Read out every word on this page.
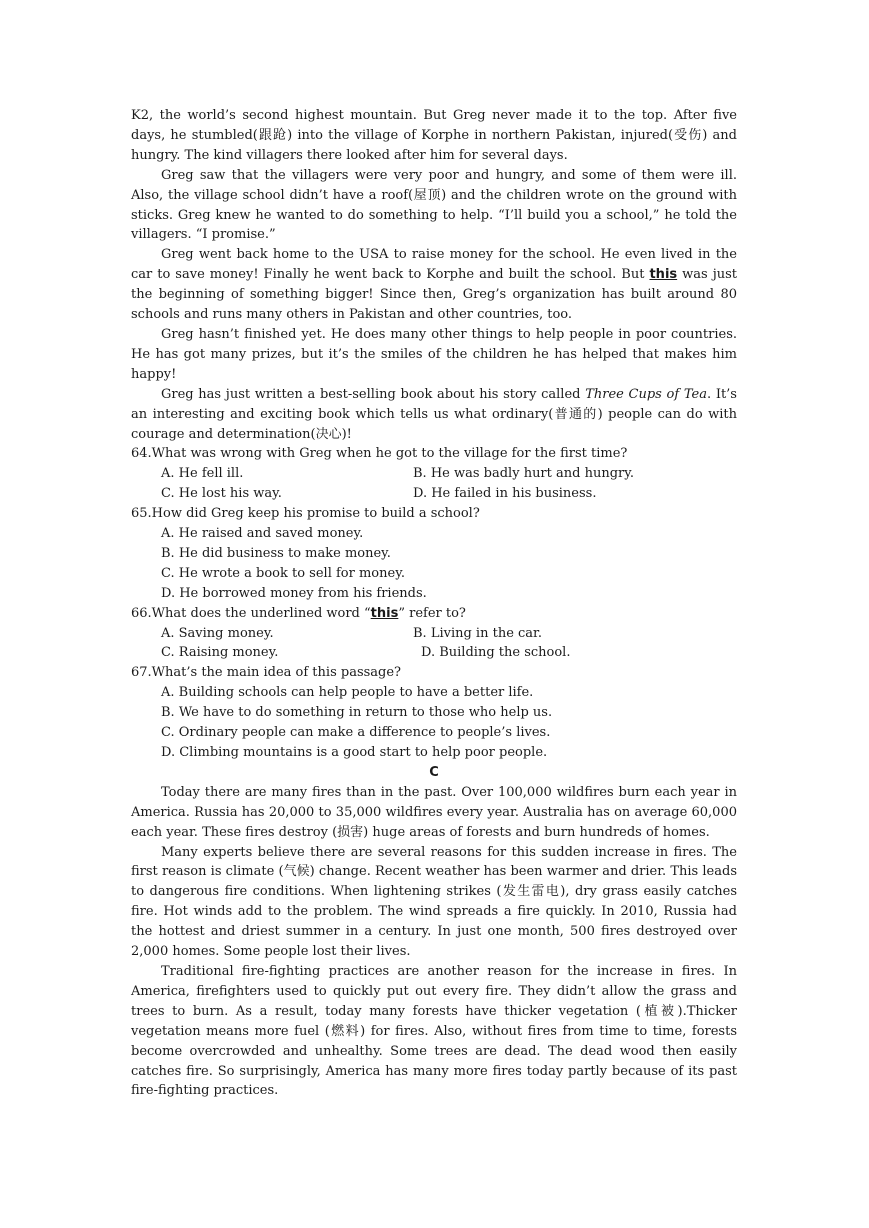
K2, the world’s second highest mountain. But Greg never made it to the top. After five days, he stumbled(跟跄) into the village of Korphe in northern Pakistan, injured(受伤) and hungry. The kind villagers there looked after him for several days.

Greg saw that the villagers were very poor and hungry, and some of them were ill. Also, the village school didn’t have a roof(屋顶) and the children wrote on the ground with sticks. Greg knew he wanted to do something to help. “I’ll build you a school,” he told the villagers. “I promise.”

Greg went back home to the USA to raise money for the school. He even lived in the car to save money! Finally he went back to Korphe and built the school. But this was just the beginning of something bigger! Since then, Greg’s organization has built around 80 schools and runs many others in Pakistan and other countries, too.

Greg hasn’t finished yet. He does many other things to help people in poor countries. He has got many prizes, but it’s the smiles of the children he has helped that makes him happy!

Greg has just written a best-selling book about his story called Three Cups of Tea. It’s an interesting and exciting book which tells us what ordinary(普通的) people can do with courage and determination(决心)!

64.What was wrong with Greg when he got to the village for the first time?

A. He fell ill.	B. He was badly hurt and hungry.
C. He lost his way.	D. He failed in his business.

65.How did Greg keep his promise to build a school?

A. He raised and saved money.

B. He did business to make money.

C. He wrote a book to sell for money.

D. He borrowed money from his friends.

66.What does the underlined word “this” refer to?

A. Saving money.	B. Living in the car.
C. Raising money.	D. Building the school.

67.What’s the main idea of this passage?

A. Building schools can help people to have a better life.

B. We have to do something in return to those who help us.

C. Ordinary people can make a difference to people’s lives.

D. Climbing mountains is a good start to help poor people.

C

Today there are many fires than in the past. Over 100,000 wildfires burn each year in America. Russia has 20,000 to 35,000 wildfires every year. Australia has on average 60,000 each year. These fires destroy (损害) huge areas of forests and burn hundreds of homes.

Many experts believe there are several reasons for this sudden increase in fires. The first reason is climate (气候) change. Recent weather has been warmer and drier. This leads to dangerous fire conditions. When lightening strikes (发生雷电), dry grass easily catches fire. Hot winds add to the problem. The wind spreads a fire quickly. In 2010, Russia had the hottest and driest summer in a century. In just one month, 500 fires destroyed over 2,000 homes. Some people lost their lives.

Traditional fire-fighting practices are another reason for the increase in fires. In America, firefighters used to quickly put out every fire. They didn’t allow the grass and trees to burn. As a result, today many forests have thicker vegetation (植被).Thicker vegetation means more fuel (燃料) for fires. Also, without fires from time to time, forests become overcrowded and unhealthy. Some trees are dead. The dead wood then easily catches fire. So surprisingly, America has many more fires today partly because of its past fire-fighting practices.
